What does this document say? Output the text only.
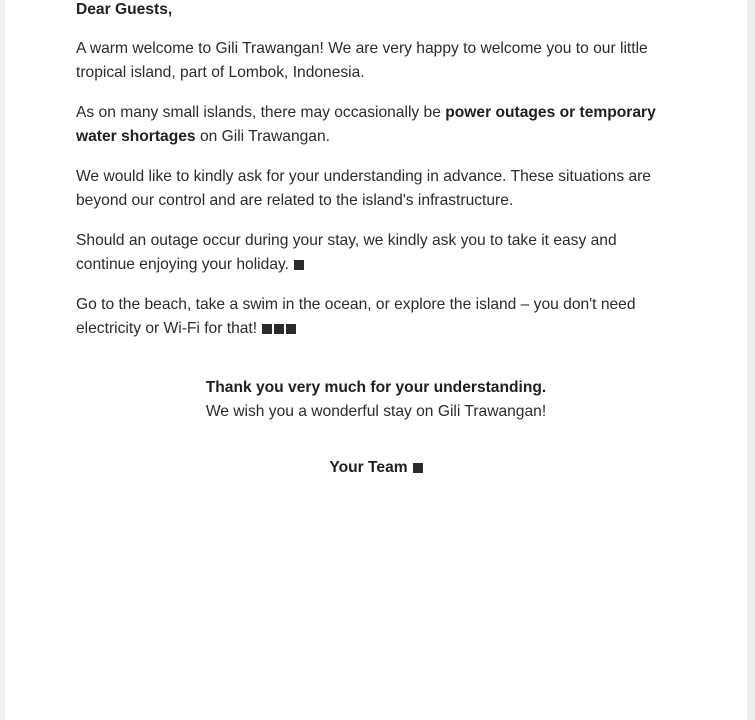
Dear Guests,

A warm welcome to Gili Trawangan! We are very happy to welcome you to our little tropical island, part of Lombok, Indonesia.

As on many small islands, there may occasionally be power outages or temporary water shortages on Gili Trawangan.

We would like to kindly ask for your understanding in advance. These situations are beyond our control and are related to the island's infrastructure.

Should an outage occur during your stay, we kindly ask you to take it easy and continue enjoying your holiday.

Go to the beach, take a swim in the ocean, or explore the island – you don't need electricity or Wi-Fi for that!

Thank you very much for your understanding.
We wish you a wonderful stay on Gili Trawangan!
Your Team
